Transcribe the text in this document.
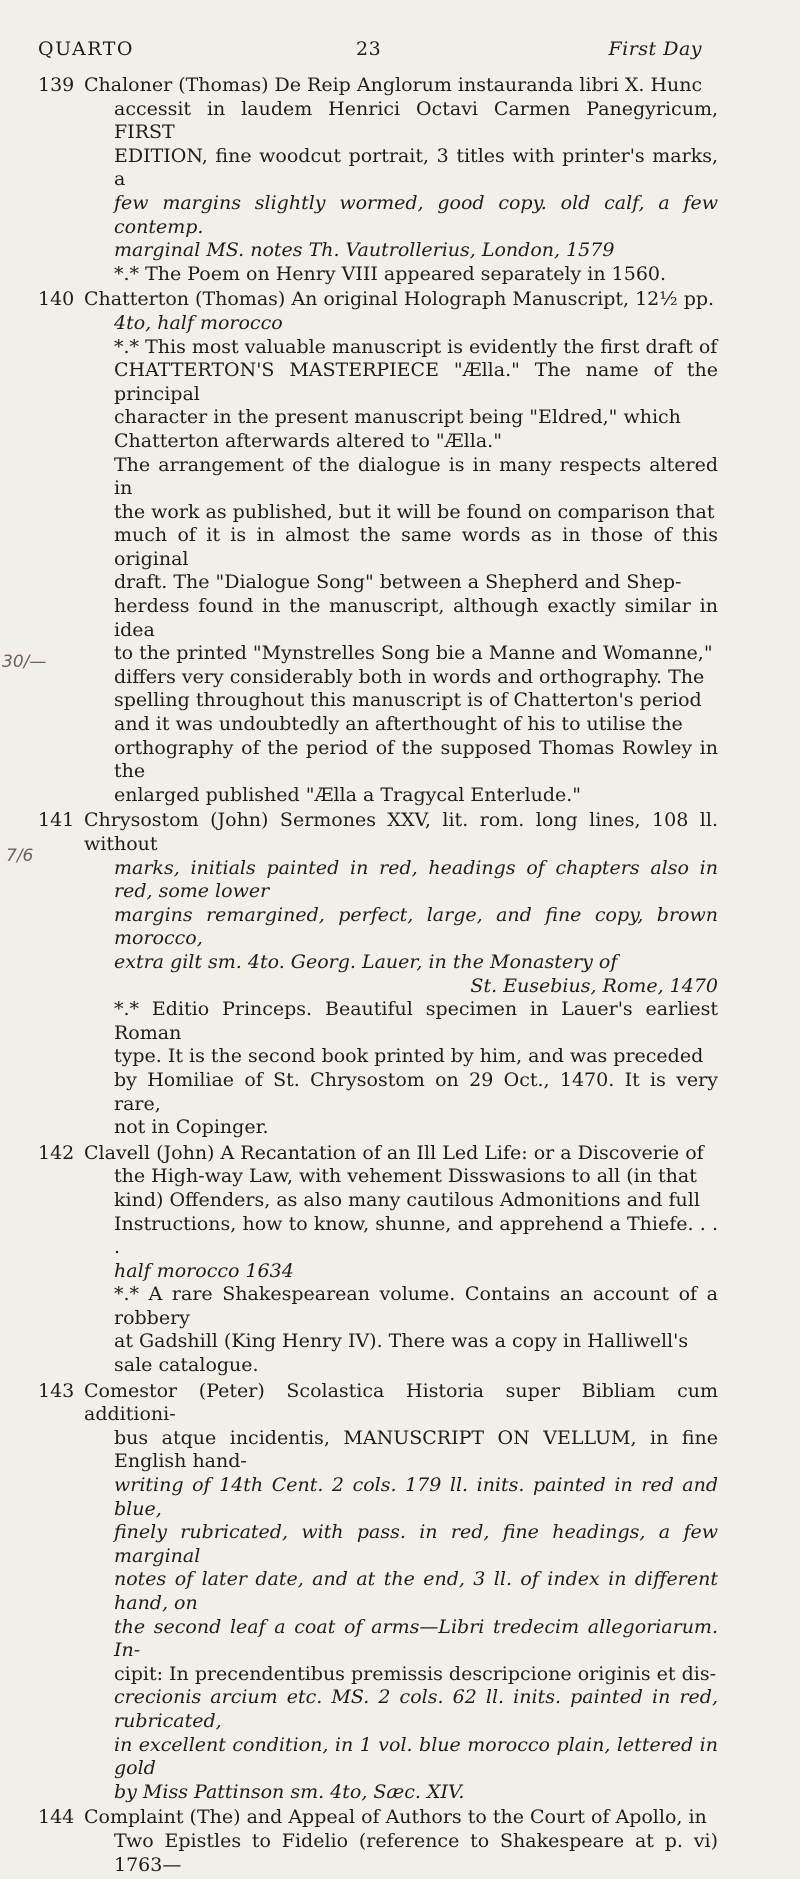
QUARTO	23	First Day
139 Chaloner (Thomas) De Reip Anglorum instauranda libri X. Hunc
accessit in laudem Henrici Octavi Carmen Panegyricum, FIRST
EDITION, fine woodcut portrait, 3 titles with printer's marks, a
few margins slightly wormed, good copy. old calf, a few contemp.
marginal MS. notes Th. Vautrollerius, London, 1579
*.* The Poem on Henry VIII appeared separately in 1560.
140 Chatterton (Thomas) An original Holograph Manuscript, 12½ pp.
4to, half morocco
*.* This most valuable manuscript is evidently the first draft of
CHATTERTON'S MASTERPIECE "Ælla." The name of the principal
character in the present manuscript being "Eldred," which
Chatterton afterwards altered to "Ælla."
The arrangement of the dialogue is in many respects altered in
the work as published, but it will be found on comparison that
much of it is in almost the same words as in those of this original
draft. The "Dialogue Song" between a Shepherd and Shep-
herdess found in the manuscript, although exactly similar in idea
to the printed "Mynstrelles Song bie a Manne and Womanne,"
differs very considerably both in words and orthography. The
spelling throughout this manuscript is of Chatterton's period
and it was undoubtedly an afterthought of his to utilise the
orthography of the period of the supposed Thomas Rowley in the
enlarged published "Ælla a Tragycal Enterlude."
141 Chrysostom (John) Sermones XXV, lit. rom. long lines, 108 ll. without
marks, initials painted in red, headings of chapters also in red, some lower
margins remargined, perfect, large, and fine copy, brown morocco,
extra gilt sm. 4to. Georg. Lauer, in the Monastery of
St. Eusebius, Rome, 1470
*.* Editio Princeps. Beautiful specimen in Lauer's earliest Roman
type. It is the second book printed by him, and was preceded
by Homiliae of St. Chrysostom on 29 Oct., 1470. It is very rare,
not in Copinger.
142 Clavell (John) A Recantation of an Ill Led Life: or a Discoverie of
the High-way Law, with vehement Disswasions to all (in that
kind) Offenders, as also many cautilous Admonitions and full
Instructions, how to know, shunne, and apprehend a Thiefe. . . .
half morocco 1634
*.* A rare Shakespearean volume. Contains an account of a robbery
at Gadshill (King Henry IV). There was a copy in Halliwell's
sale catalogue.
143 Comestor (Peter) Scolastica Historia super Bibliam cum additioni-
bus atque incidentis, MANUSCRIPT ON VELLUM, in fine English hand-
writing of 14th Cent. 2 cols. 179 ll. inits. painted in red and blue,
finely rubricated, with pass. in red, fine headings, a few marginal
notes of later date, and at the end, 3 ll. of index in different hand, on
the second leaf a coat of arms—Libri tredecim allegoriarum. In-
cipit: In precendentibus premissis descripcione originis et dis-
crecionis arcium etc. MS. 2 cols. 62 ll. inits. painted in red, rubricated,
in excellent condition, in 1 vol. blue morocco plain, lettered in gold
by Miss Pattinson sm. 4to, Sæc. XIV.
144 Complaint (The) and Appeal of Authors to the Court of Apollo, in
Two Epistles to Fidelio (reference to Shakespeare at p. vi) 1763—
30/—
7/6
